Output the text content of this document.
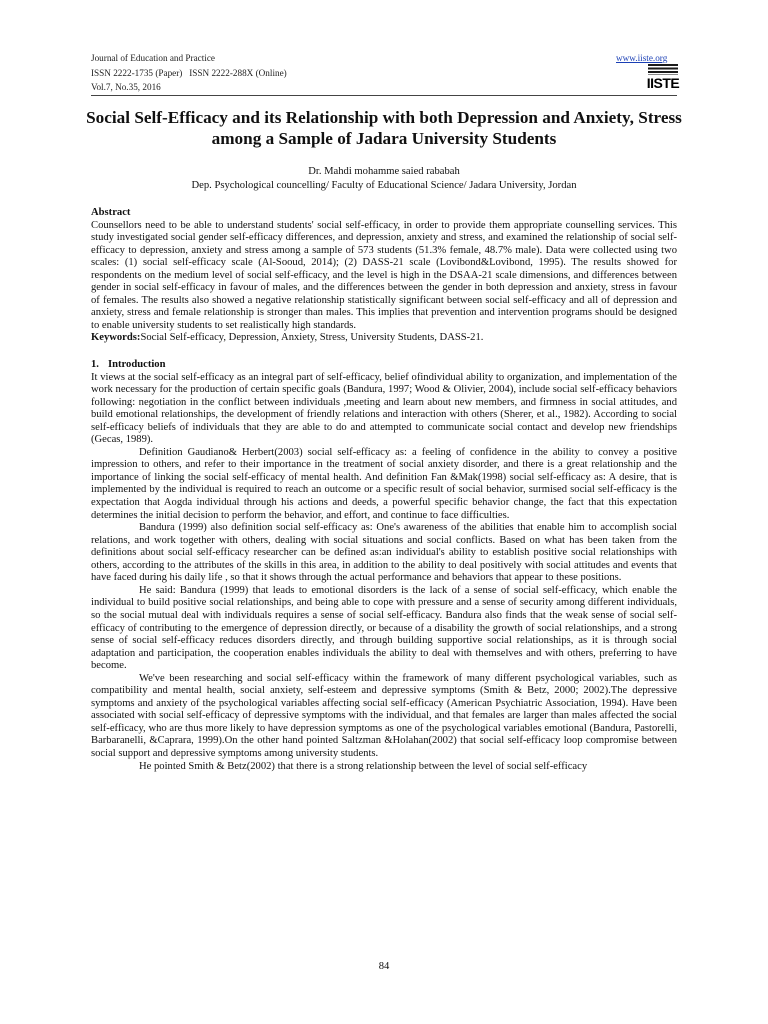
Journal of Education and Practice
ISSN 2222-1735 (Paper)   ISSN 2222-288X (Online)
Vol.7, No.35, 2016
www.iiste.org
IISTE
Social Self-Efficacy and its Relationship with both Depression and Anxiety, Stress among a Sample of Jadara University Students
Dr. Mahdi mohamme saied rababah
Dep. Psychological councelling/ Faculty of Educational Science/ Jadara University, Jordan

Abstract

Counsellors need to be able to understand students' social self-efficacy, in order to provide them appropriate counselling services. This study investigated social gender self-efficacy differences, and depression, anxiety and stress, and examined the relationship of social self-efficacy to depression, anxiety and stress among a sample of 573 students (51.3% female, 48.7% male). Data were collected using two scales: (1) social self-efficacy scale (Al-Sooud, 2014); (2) DASS-21 scale (Lovibond&Lovibond, 1995). The results showed for respondents on the medium level of social self-efficacy, and the level is high in the DSAA-21 scale dimensions, and differences between gender in social self-efficacy in favour of males, and the differences between the gender in both depression and anxiety, stress in favour of females. The results also showed a negative relationship statistically significant between social self-efficacy and all of depression and anxiety, stress and female relationship is stronger than males. This implies that prevention and intervention programs should be designed to enable university students to set realistically high standards.

Keywords:Social Self-efficacy, Depression, Anxiety, Stress, University Students, DASS-21.

1. Introduction

It views at the social self-efficacy as an integral part of self-efficacy, belief ofindividual ability to organization, and implementation of the work necessary for the production of certain specific goals (Bandura, 1997; Wood & Olivier, 2004), include social self-efficacy behaviors following: negotiation in the conflict between individuals ,meeting and learn about new members, and firmness in social attitudes, and build emotional relationships, the development of friendly relations and interaction with others (Sherer, et al., 1982). According to social self-efficacy beliefs of individuals that they are able to do and attempted to communicate social contact and develop new friendships (Gecas, 1989).

Definition Gaudiano& Herbert(2003) social self-efficacy as: a feeling of confidence in the ability to convey a positive impression to others, and refer to their importance in the treatment of social anxiety disorder, and there is a great relationship and the importance of linking the social self-efficacy of mental health. And definition Fan &Mak(1998) social self-efficacy as: A desire, that is implemented by the individual is required to reach an outcome or a specific result of social behavior, surmised social self-efficacy is the expectation that Aogda individual through his actions and deeds, a powerful specific behavior change, the fact that this expectation determines the initial decision to perform the behavior, and effort, and continue to face difficulties.

Bandura (1999) also definition social self-efficacy as: One's awareness of the abilities that enable him to accomplish social relations, and work together with others, dealing with social situations and social conflicts. Based on what has been taken from the definitions about social self-efficacy researcher can be defined as:an individual's ability to establish positive social relationships with others, according to the attributes of the skills in this area, in addition to the ability to deal positively with social attitudes and events that have faced during his daily life , so that it shows through the actual performance and behaviors that appear to these positions.

He said: Bandura (1999) that leads to emotional disorders is the lack of a sense of social self-efficacy, which enable the individual to build positive social relationships, and being able to cope with pressure and a sense of security among different individuals, so the social mutual deal with individuals requires a sense of social self-efficacy. Bandura also finds that the weak sense of social self-efficacy of contributing to the emergence of depression directly, or because of a disability the growth of social relationships, and a strong sense of social self-efficacy reduces disorders directly, and through building supportive social relationships, as it is through social adaptation and participation, the cooperation enables individuals the ability to deal with themselves and with others, preferring to have become.

We've been researching and social self-efficacy within the framework of many different psychological variables, such as compatibility and mental health, social anxiety, self-esteem and depressive symptoms (Smith & Betz, 2000; 2002).The depressive symptoms and anxiety of the psychological variables affecting social self-efficacy (American Psychiatric Association, 1994). Have been associated with social self-efficacy of depressive symptoms with the individual, and that females are larger than males affected the social self-efficacy, who are thus more likely to have depression symptoms as one of the psychological variables emotional (Bandura, Pastorelli, Barbaranelli, &Caprara, 1999).On the other hand pointed Saltzman &Holahan(2002) that social self-efficacy loop compromise between social support and depressive symptoms among university students.

He pointed Smith & Betz(2002) that there is a strong relationship between the level of social self-efficacy

84
